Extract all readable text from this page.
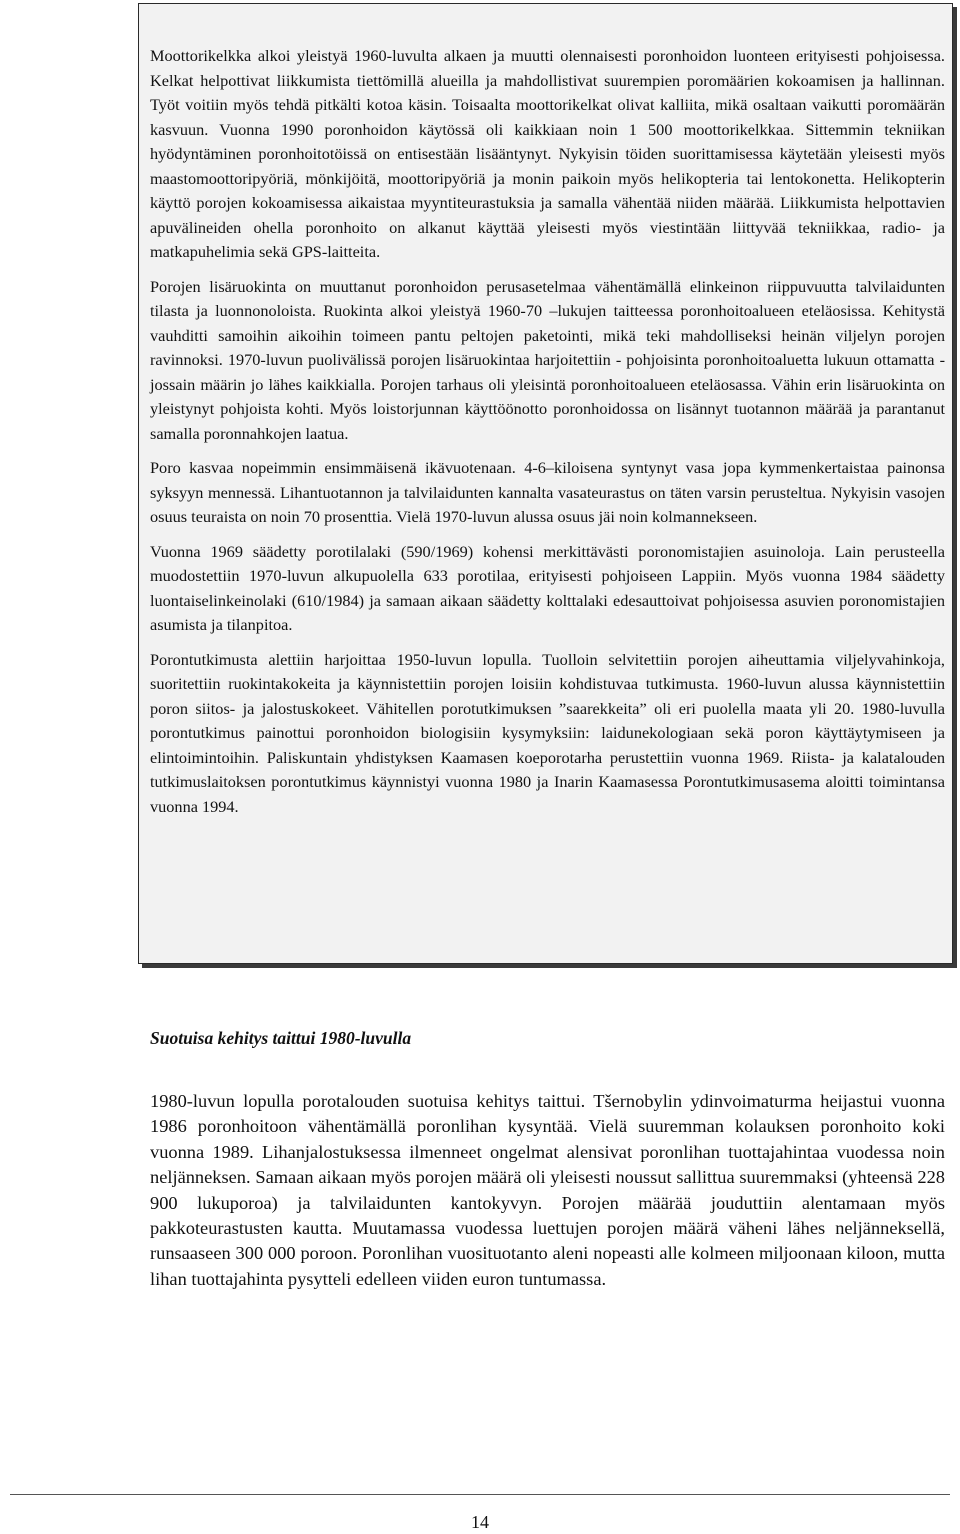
Moottorikelkka alkoi yleistyä 1960-luvulta alkaen ja muutti olennaisesti poronhoidon luonteen erityisesti pohjoisessa. Kelkat helpottivat liikkumista tiettömillä alueilla ja mahdollistivat suurempien poromäärien kokoamisen ja hallinnan. Työt voitiin myös tehdä pitkälti kotoa käsin. Toisaalta moottorikelkat olivat kalliita, mikä osaltaan vaikutti poromäärän kasvuun. Vuonna 1990 poronhoidon käytössä oli kaikkiaan noin 1 500 moottorikelkkaa. Sittemmin tekniikan hyödyntäminen poronhoitotöissä on entisestään lisääntynyt. Nykyisin töiden suorittamisessa käytetään yleisesti myös maastomoottoripyöriä, mönkijöitä, moottoripyöriä ja monin paikoin myös helikopteria tai lentokonetta. Helikopterin käyttö porojen kokoamisessa aikaistaa myyntiteurastuksia ja samalla vähentää niiden määrää. Liikkumista helpottavien apuvälineiden ohella poronhoito on alkanut käyttää yleisesti myös viestintään liittyvää tekniikkaa, radio- ja matkapuhelimia sekä GPS-laitteita.

Porojen lisäruokinta on muuttanut poronhoidon perusasetelmaa vähentämällä elinkeinon riippuvuutta talvilaidunten tilasta ja luonnonoloista. Ruokinta alkoi yleistyä 1960-70 –lukujen taitteessa poronhoitoalueen eteläosissa. Kehitystä vauhditti samoihin aikoihin toimeen pantu peltojen paketointi, mikä teki mahdolliseksi heinän viljelyn porojen ravinnoksi. 1970-luvun puolivälissä porojen lisäruokintaa harjoitettiin - pohjoisinta poronhoitoaluetta lukuun ottamatta - jossain määrin jo lähes kaikkialla. Porojen tarhaus oli yleisintä poronhoitoalueen eteläosassa. Vähin erin lisäruokinta on yleistynyt pohjoista kohti. Myös loistorjunnan käyttöönotto poronhoidossa on lisännyt tuotannon määrää ja parantanut samalla poronnahkojen laatua.

Poro kasvaa nopeimmin ensimmäisenä ikävuotenaan. 4-6–kiloisena syntynyt vasa jopa kymmenkertaistaa painonsa syksyyn mennessä. Lihantuotannon ja talvilaidunten kannalta vasateurastus on täten varsin perusteltua. Nykyisin vasojen osuus teuraista on noin 70 prosenttia. Vielä 1970-luvun alussa osuus jäi noin kolmannekseen.

Vuonna 1969 säädetty porotilalaki (590/1969) kohensi merkittävästi poronomistajien asuinoloja. Lain perusteella muodostettiin 1970-luvun alkupuolella 633 porotilaa, erityisesti pohjoiseen Lappiin. Myös vuonna 1984 säädetty luontaiselinkeinolaki (610/1984) ja samaan aikaan säädetty kolttalaki edesauttoivat pohjoisessa asuvien poronomistajien asumista ja tilanpitoa.

Porontutkimusta alettiin harjoittaa 1950-luvun lopulla. Tuolloin selvitettiin porojen aiheuttamia viljelyvahinkoja, suoritettiin ruokintakokeita ja käynnistettiin porojen loisiin kohdistuvaa tutkimusta. 1960-luvun alussa käynnistettiin poron siitos- ja jalostuskokeet. Vähitellen porotutkimuksen ”saarekkeita” oli eri puolella maata yli 20. 1980-luvulla porontutkimus painottui poronhoidon biologisiin kysymyksiin: laidunekologiaan sekä poron käyttäytymiseen ja elintoimintoihin. Paliskuntain yhdistyksen Kaamasen koeporotarha perustettiin vuonna 1969. Riista- ja kalatalouden tutkimuslaitoksen porontutkimus käynnistyi vuonna 1980 ja Inarin Kaamasessa Porontutkimusasema aloitti toimintansa vuonna 1994.

Suotuisa kehitys taittui 1980-luvulla

1980-luvun lopulla porotalouden suotuisa kehitys taittui. Tšernobylin ydinvoimaturma heijastui vuonna 1986 poronhoitoon vähentämällä poronlihan kysyntää. Vielä suuremman kolauksen poronhoito koki vuonna 1989. Lihanjalostuksessa ilmenneet ongelmat alensivat poronlihan tuottajahintaa vuodessa noin neljänneksen. Samaan aikaan myös porojen määrä oli yleisesti noussut sallittua suuremmaksi (yhteensä 228 900 lukuporoa) ja talvilaidunten kantokyvyn. Porojen määrää jouduttiin alentamaan myös pakkoteurastusten kautta. Muutamassa vuodessa luettujen porojen määrä väheni lähes neljänneksellä, runsaaseen 300 000 poroon. Poronlihan vuosituotanto aleni nopeasti alle kolmeen miljoonaan kiloon, mutta lihan tuottajahinta pysytteli edelleen viiden euron tuntumassa.

14
